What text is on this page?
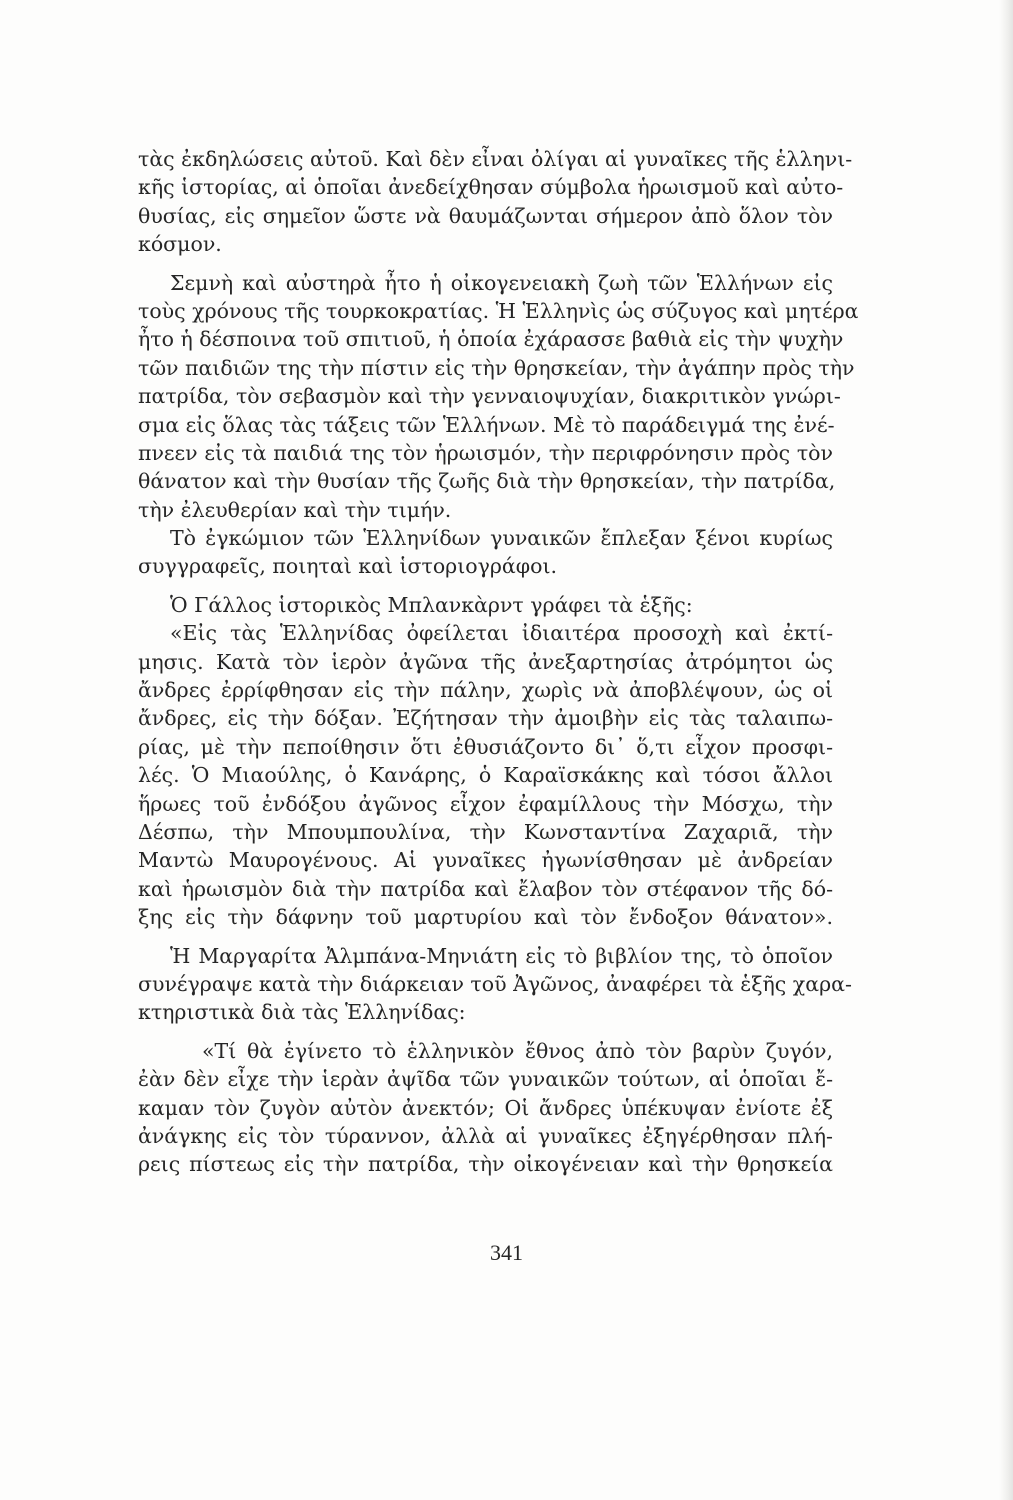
τὰς ἐκδηλώσεις αὐτοῦ. Καὶ δὲν εἶναι ὀλίγαι αἱ γυναῖκες τῆς ἑλληνι-
κῆς ἱστορίας, αἱ ὁποῖαι ἀνεδείχθησαν σύμβολα ἡρωισμοῦ καὶ αὐτο-
θυσίας, εἰς σημεῖον ὥστε νὰ θαυμάζωνται σήμερον ἀπὸ ὅλον τὸν
κόσμον.
Σεμνὴ καὶ αὐστηρὰ ἦτο ἡ οἰκογενειακὴ ζωὴ τῶν Ἑλλήνων εἰς
τοὺς χρόνους τῆς τουρκοκρατίας. Ἡ Ἑλληνὶς ὡς σύζυγος καὶ μητέρα
ἦτο ἡ δέσποινα τοῦ σπιτιοῦ, ἡ ὁποία ἐχάρασσε βαθιὰ εἰς τὴν ψυχὴν
τῶν παιδιῶν της τὴν πίστιν εἰς τὴν θρησκείαν, τὴν ἀγάπην πρὸς τὴν
πατρίδα, τὸν σεβασμὸν καὶ τὴν γενναιοψυχίαν, διακριτικὸν γνώρι-
σμα εἰς ὅλας τὰς τάξεις τῶν Ἑλλήνων. Μὲ τὸ παράδειγμά της ἐνέ-
πνεεν εἰς τὰ παιδιά της τὸν ἡρωισμόν, τὴν περιφρόνησιν πρὸς τὸν
θάνατον καὶ τὴν θυσίαν τῆς ζωῆς διὰ τὴν θρησκείαν, τὴν πατρίδα,
τὴν ἐλευθερίαν καὶ τὴν τιμήν.
Τὸ ἐγκώμιον τῶν Ἑλληνίδων γυναικῶν ἔπλεξαν ξένοι κυρίως
συγγραφεῖς, ποιηταὶ καὶ ἱστοριογράφοι.
Ὁ Γάλλος ἱστορικὸς Μπλανκὰρντ γράφει τὰ ἑξῆς:
«Εἰς τὰς Ἑλληνίδας ὀφείλεται ἰδιαιτέρα προσοχὴ καὶ ἐκτί-
μησις. Κατὰ τὸν ἱερὸν ἀγῶνα τῆς ἀνεξαρτησίας ἀτρόμητοι ὡς
ἄνδρες ἐρρίφθησαν εἰς τὴν πάλην, χωρὶς νὰ ἀποβλέψουν, ὡς οἱ
ἄνδρες, εἰς τὴν δόξαν. Ἐζήτησαν τὴν ἀμοιβὴν εἰς τὰς ταλαιπω-
ρίας, μὲ τὴν πεποίθησιν ὅτι ἐθυσιάζοντο δι᾽ ὅ,τι εἶχον προσφι-
λές. Ὁ Μιαούλης, ὁ Κανάρης, ὁ Καραϊσκάκης καὶ τόσοι ἄλλοι
ἥρωες τοῦ ἐνδόξου ἀγῶνος εἶχον ἐφαμίλλους τὴν Μόσχω, τὴν
Δέσπω, τὴν Μπουμπουλίνα, τὴν Κωνσταντίνα Ζαχαριᾶ, τὴν
Μαντὼ Μαυρογένους. Αἱ γυναῖκες ἠγωνίσθησαν μὲ ἀνδρείαν
καὶ ἡρωισμὸν διὰ τὴν πατρίδα καὶ ἔλαβον τὸν στέφανον τῆς δό-
ξης εἰς τὴν δάφνην τοῦ μαρτυρίου καὶ τὸν ἔνδοξον θάνατον».
Ἡ Μαργαρίτα Ἀλμπάνα-Μηνιάτη εἰς τὸ βιβλίον της, τὸ ὁποῖον
συνέγραψε κατὰ τὴν διάρκειαν τοῦ Ἀγῶνος, ἀναφέρει τὰ ἑξῆς χαρα-
κτηριστικὰ διὰ τὰς Ἑλληνίδας:
«Τί θὰ ἐγίνετο τὸ ἑλληνικὸν ἔθνος ἀπὸ τὸν βαρὺν ζυγόν,
ἐὰν δὲν εἶχε τὴν ἱερὰν ἀψῖδα τῶν γυναικῶν τούτων, αἱ ὁποῖαι ἔ-
καμαν τὸν ζυγὸν αὐτὸν ἀνεκτόν; Οἱ ἄνδρες ὑπέκυψαν ἐνίοτε ἐξ
ἀνάγκης εἰς τὸν τύραννον, ἀλλὰ αἱ γυναῖκες ἐξηγέρθησαν πλή-
ρεις πίστεως εἰς τὴν πατρίδα, τὴν οἰκογένειαν καὶ τὴν θρησκεία
341
